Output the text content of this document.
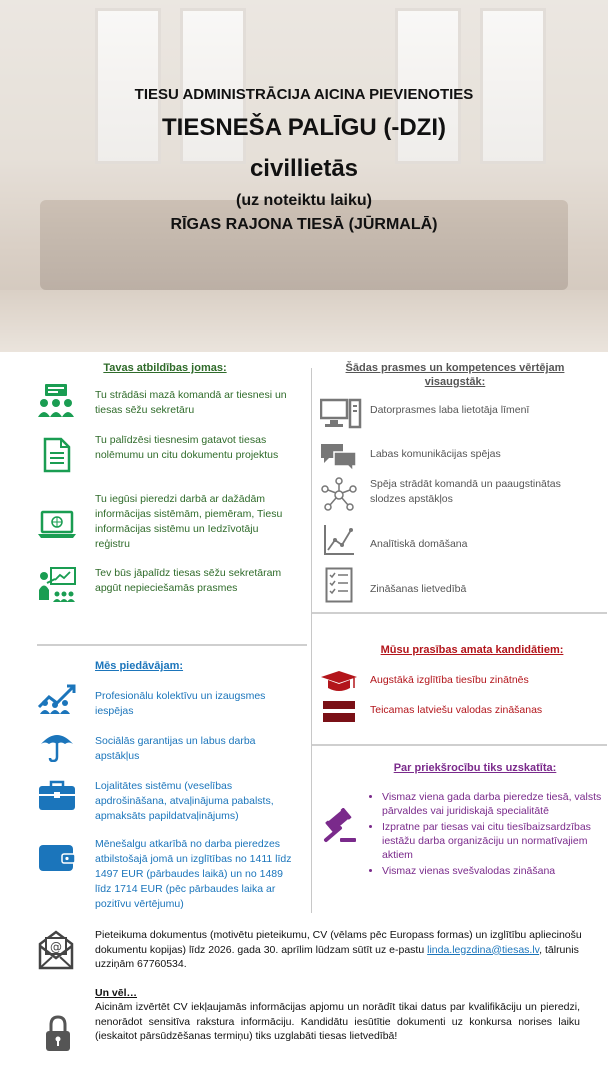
TIESU ADMINISTRĀCIJA AICINA PIEVIENOTIES
TIESNEŠA PALĪGU (-DZI)
civillietās
(uz noteiktu laiku)
RĪGAS RAJONA TIESĀ (JŪRMALĀ)
Tavas atbildības jomas:
Tu strādāsi mazā komandā ar tiesnesi un tiesas sēžu sekretāru
Tu palīdzēsi tiesnesim gatavot tiesas nolēmumu un citu dokumentu projektus
Tu iegūsi pieredzi darbā ar dažādām informācijas sistēmām, piemēram, Tiesu informācijas sistēmu un Iedzīvotāju reģistru
Tev būs jāpalīdz tiesas sēžu sekretāram apgūt nepieciešamās prasmes
Mēs piedāvājam:
Profesionālu kolektīvu un izaugsmes iespējas
Sociālās garantijas un labus darba apstākļus
Lojalitātes sistēmu (veselības apdrošināšana, atvaļinājuma pabalsts, apmaksāts papildatvaļinājums)
Mēnešalgu atkarībā no darba pieredzes atbilstošajā jomā un izglītības no 1411 līdz 1497 EUR (pārbaudes laikā) un no 1489 līdz 1714 EUR (pēc pārbaudes laika ar pozitīvu vērtējumu)
Šādas prasmes un kompetences vērtējam visaugstāk:
Datorprasmes laba lietotāja līmenī
Labas komunikācijas spējas
Spēja strādāt komandā un paaugstinātas slodzes apstākļos
Analītiskā domāšana
Zināšanas lietvedībā
Mūsu prasības amata kandidātiem:
Augstākā izglītība tiesību zinātnēs
Teicamas latviešu valodas zināšanas
Par priekšrocību tiks uzskatīta:
• Vismaz viena gada darba pieredze tiesā, valsts pārvaldes vai juridiskajā specialitātē
• Izpratne par tiesas vai citu tiesībaizsardzības iestāžu darba organizāciju un normatīvajiem aktiem
• Vismaz vienas svešvalodas zināšana
@
Pieteikuma dokumentus (motivētu pieteikumu, CV (vēlams pēc Europass formas) un izglītību apliecinošu dokumentu kopijas) līdz 2026. gada 30. aprīlim lūdzam sūtīt uz e-pastu linda.legzdina@tiesas.lv, tālrunis uzziņām 67760534.
Un vēl…
Aicinām izvērtēt CV iekļaujamās informācijas apjomu un norādīt tikai datus par kvalifikāciju un pieredzi, nenorādot sensitīva rakstura informāciju. Kandidātu iesūtītie dokumenti uz konkursa norises laiku (ieskaitot pārsūdzēšanas termiņu) tiks uzglabāti tiesas lietvedībā!
